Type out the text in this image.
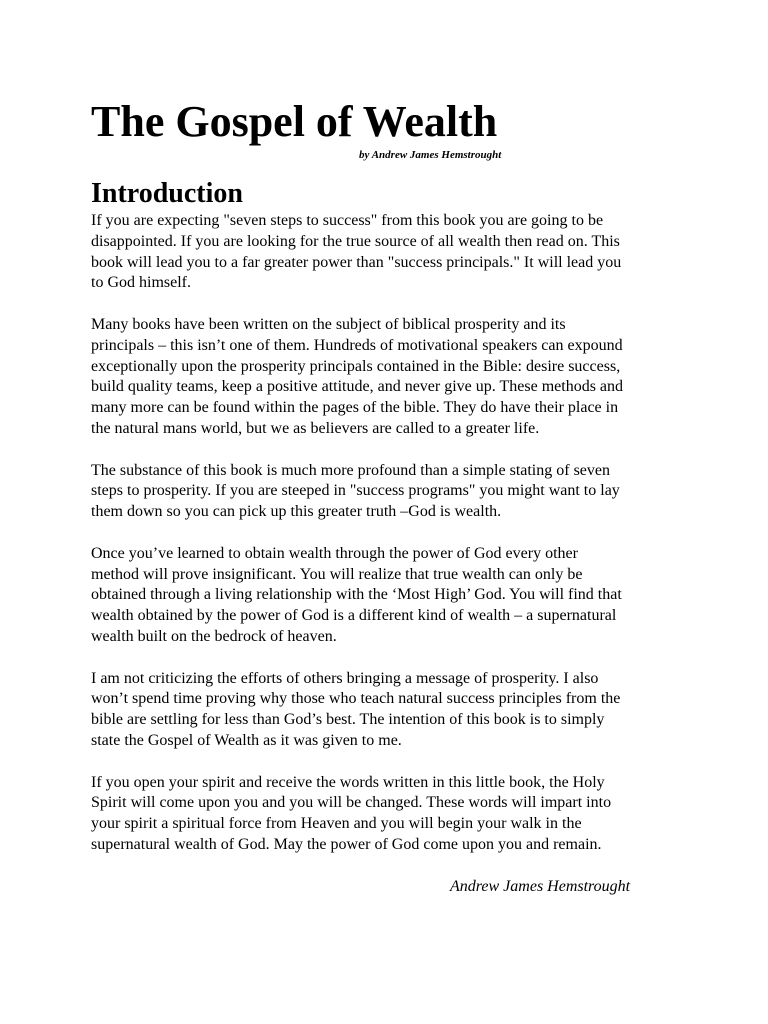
The Gospel of Wealth

by Andrew James Hemstrought

Introduction
If you are expecting "seven steps to success" from this book you are going to be
disappointed. If you are looking for the true source of all wealth then read on. This
book will lead you to a far greater power than "success principals." It will lead you
to God himself.
Many books have been written on the subject of biblical prosperity and its
principals – this isn’t one of them. Hundreds of motivational speakers can expound
exceptionally upon the prosperity principals contained in the Bible: desire success,
build quality teams, keep a positive attitude, and never give up. These methods and
many more can be found within the pages of the bible. They do have their place in
the natural mans world, but we as believers are called to a greater life.
The substance of this book is much more profound than a simple stating of seven
steps to prosperity. If you are steeped in "success programs" you might want to lay
them down so you can pick up this greater truth –God is wealth.
Once you’ve learned to obtain wealth through the power of God every other
method will prove insignificant. You will realize that true wealth can only be
obtained through a living relationship with the ‘Most High’ God. You will find that
wealth obtained by the power of God is a different kind of wealth – a supernatural
wealth built on the bedrock of heaven.
I am not criticizing the efforts of others bringing a message of prosperity. I also
won’t spend time proving why those who teach natural success principles from the
bible are settling for less than God’s best. The intention of this book is to simply
state the Gospel of Wealth as it was given to me.
If you open your spirit and receive the words written in this little book, the Holy
Spirit will come upon you and you will be changed. These words will impart into
your spirit a spiritual force from Heaven and you will begin your walk in the
supernatural wealth of God. May the power of God come upon you and remain.

Andrew James Hemstrought
